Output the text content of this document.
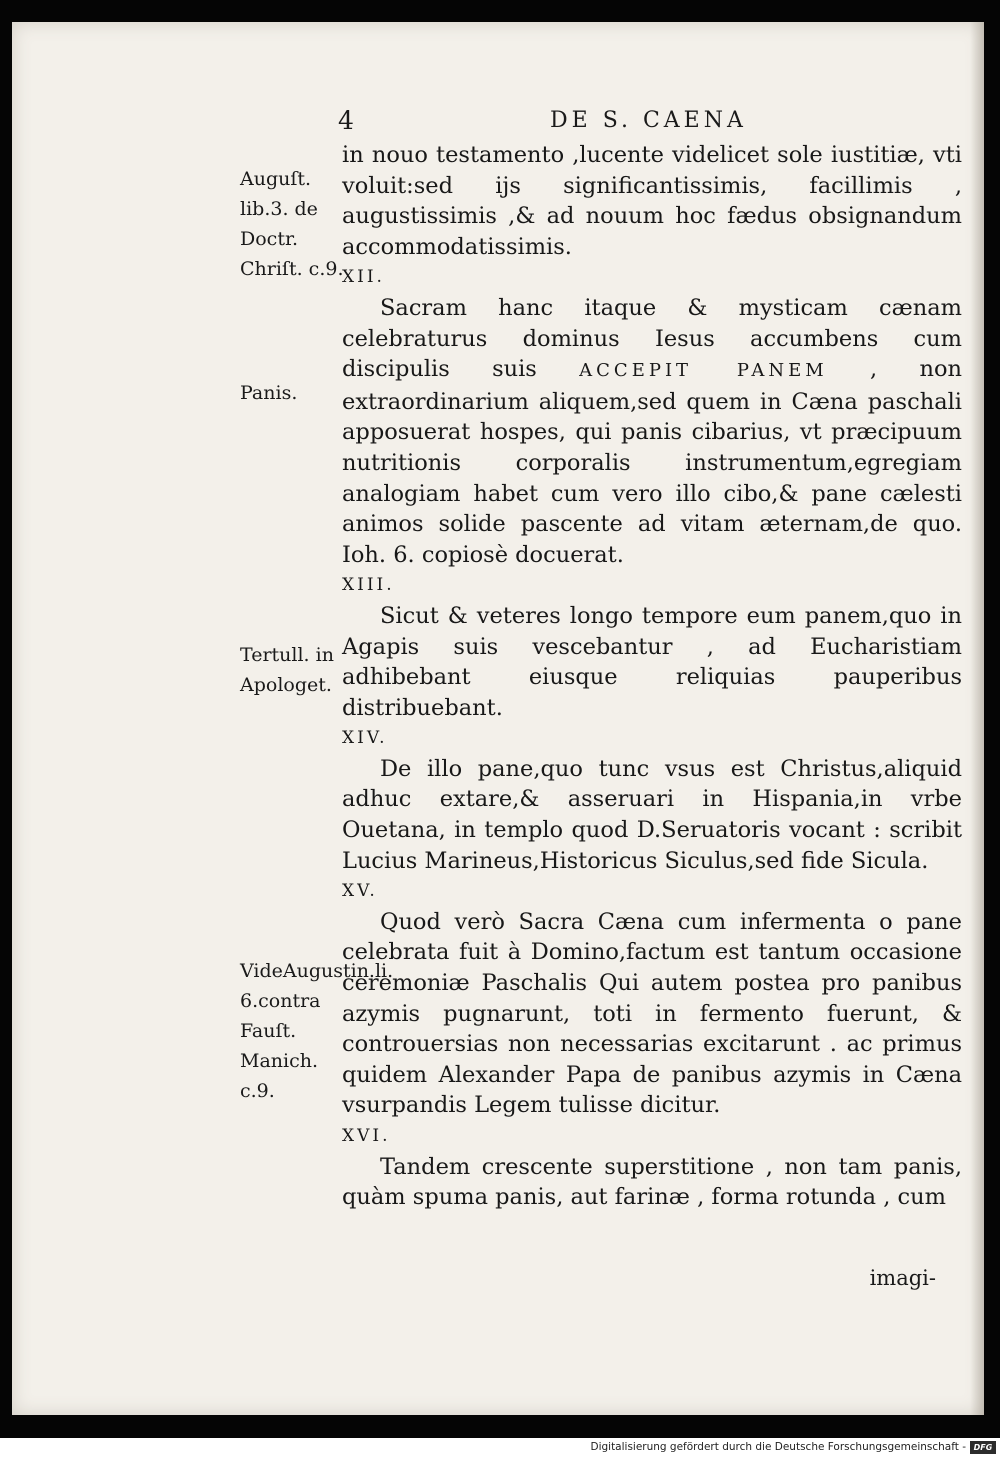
4	DE S. CAENA
Auguſt. lib.3. de Doctr. Chriſt. c.9.
Panis.
Tertull. in Apologet.
VideAugustin.li. 6.contra Fauſt. Manich. c.9.

in nouo testamento ,lucente videlicet sole iustitiæ, vti voluit:sed ijs significantissimis, facillimis , augustissimis ,& ad nouum hoc fædus obsignandum accommodatissimis.

XII.

Sacram hanc itaque & mysticam cænam celebraturus dominus Iesus accumbens cum discipulis suis ACCEPIT PANEM , non extraordinarium aliquem,sed quem in Cæna paschali apposuerat hospes, qui panis cibarius, vt præcipuum nutritionis corporalis instrumentum,egregiam analogiam habet cum vero illo cibo,& pane cælesti animos solide pascente ad vitam æternam,de quo. Ioh. 6. copiosè docuerat.

XIII.

Sicut & veteres longo tempore eum panem,quo in Agapis suis vescebantur , ad Eucharistiam adhibebant eiusque reliquias pauperibus distribuebant.

XIV.

De illo pane,quo tunc vsus est Christus,aliquid adhuc extare,& asseruari in Hispania,in vrbe Ouetana, in templo quod D.Seruatoris vocant : scribit Lucius Marineus,Historicus Siculus,sed fide Sicula.

XV.

Quod verò Sacra Cæna cum infermenta o pane celebrata fuit à Domino,factum est tantum occasione ceremoniæ Paschalis Qui autem postea pro panibus azymis pugnarunt, toti in fermento fuerunt, & controuersias non necessarias excitarunt . ac primus quidem Alexander Papa de panibus azymis in Cæna vsurpandis Legem tulisse dicitur.

XVI.

Tandem crescente superstitione , non tam panis, quàm spuma panis, aut farinæ , forma rotunda , cum

imagi-
Digitalisierung gefördert durch die Deutsche Forschungsgemeinschaft - DFG
